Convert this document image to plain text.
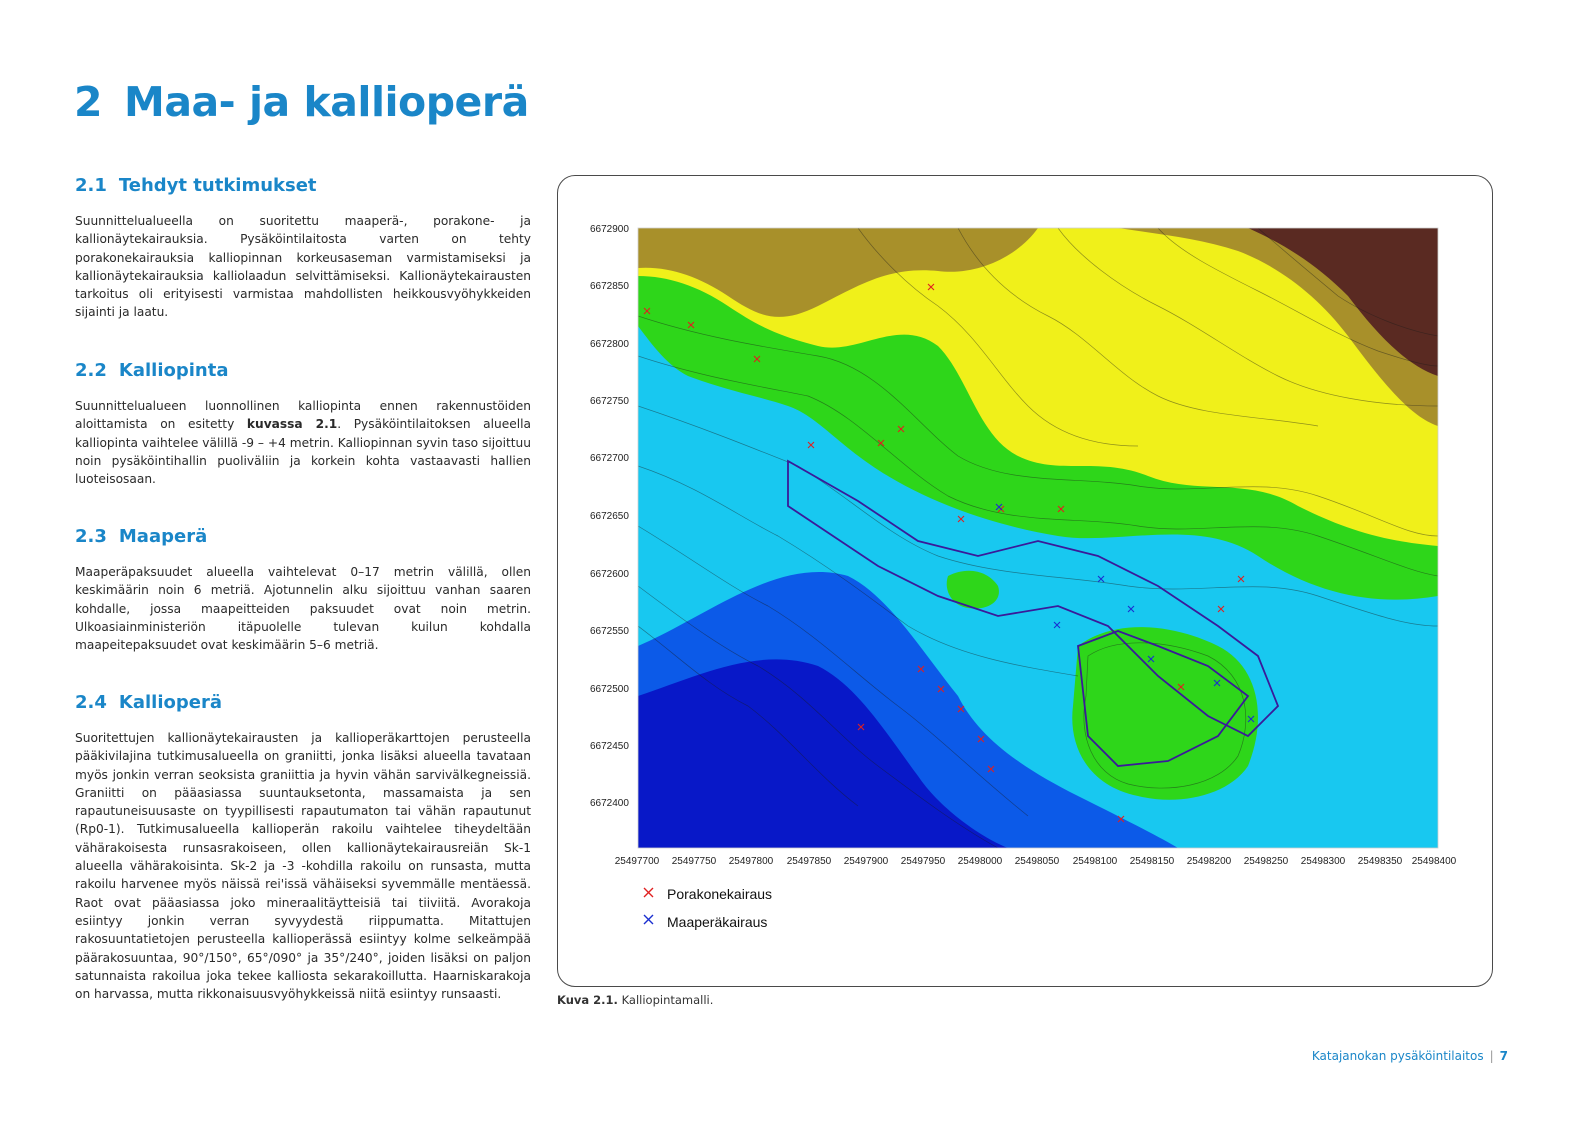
2 Maa- ja kallioperä
2.1 Tehdyt tutkimukset

Suunnittelualueella on suoritettu maaperä-, porakone- ja kallionäytekairauksia. Pysäköintilaitosta varten on tehty porakonekairauksia kalliopinnan korkeusaseman varmistamiseksi ja kallionäytekairauksia kalliolaadun selvittämiseksi. Kallionäytekairausten tarkoitus oli erityisesti varmistaa mahdollisten heikkousvyöhykkeiden sijainti ja laatu.

2.2 Kalliopinta

Suunnittelualueen luonnollinen kalliopinta ennen rakennustöiden aloittamista on esitetty kuvassa 2.1. Pysäköintilaitoksen alueella kalliopinta vaihtelee välillä -9 – +4 metrin. Kalliopinnan syvin taso sijoittuu noin pysäköintihallin puoliväliin ja korkein kohta vastaavasti hallien luoteisosaan.

2.3 Maaperä

Maaperäpaksuudet alueella vaihtelevat 0–17 metrin välillä, ollen keskimäärin noin 6 metriä. Ajotunnelin alku sijoittuu vanhan saaren kohdalle, jossa maapeitteiden paksuudet ovat noin metrin. Ulkoasiainministeriön itäpuolelle tulevan kuilun kohdalla maapeitepaksuudet ovat keskimäärin 5–6 metriä.

2.4 Kallioperä

Suoritettujen kallionäytekairausten ja kallioperäkarttojen perusteella pääkivilajina tutkimusalueella on graniitti, jonka lisäksi alueella tavataan myös jonkin verran seoksista graniittia ja hyvin vähän sarvivälkegneissiä. Graniitti on pääasiassa suuntauksetonta, massamaista ja sen rapautuneisuusaste on tyypillisesti rapautumaton tai vähän rapautunut (Rp0-1). Tutkimusalueella kallioperän rakoilu vaihtelee tiheydeltään vähärakoisesta runsasrakoiseen, ollen kallionäytekairausreiän Sk-1 alueella vähärakoisinta. Sk-2 ja -3 -kohdilla rakoilu on runsasta, mutta rakoilu harvenee myös näissä rei'issä vähäiseksi syvemmälle mentäessä. Raot ovat pääasiassa joko mineraalitäytteisiä tai tiiviitä. Avorakoja esiintyy jonkin verran syvyydestä riippumatta. Mitattujen rakosuuntatietojen perusteella kallioperässä esiintyy kolme selkeämpää päärakosuuntaa, 90°/150°, 65°/090° ja 35°/240°, joiden lisäksi on paljon satunnaista rakoilua joka tekee kalliosta sekarakoillutta. Haarniskarakoja on harvassa, mutta rikkonaisuusvyöhykkeissä niitä esiintyy runsaasti.

6672900
6672850
6672800
6672750
6672700
6672650
6672600
6672550
6672500
6672450
6672400
25497700 25497750 25497800 25497850 25497900 25497950 25498000 25498050 25498100 25498150 25498200 25498250 25498300 25498350 25498400
Porakonekairaus
Maaperäkairaus
Kuva 2.1. Kalliopintamalli.
Katajanokan pysäköintilaitos | 7
